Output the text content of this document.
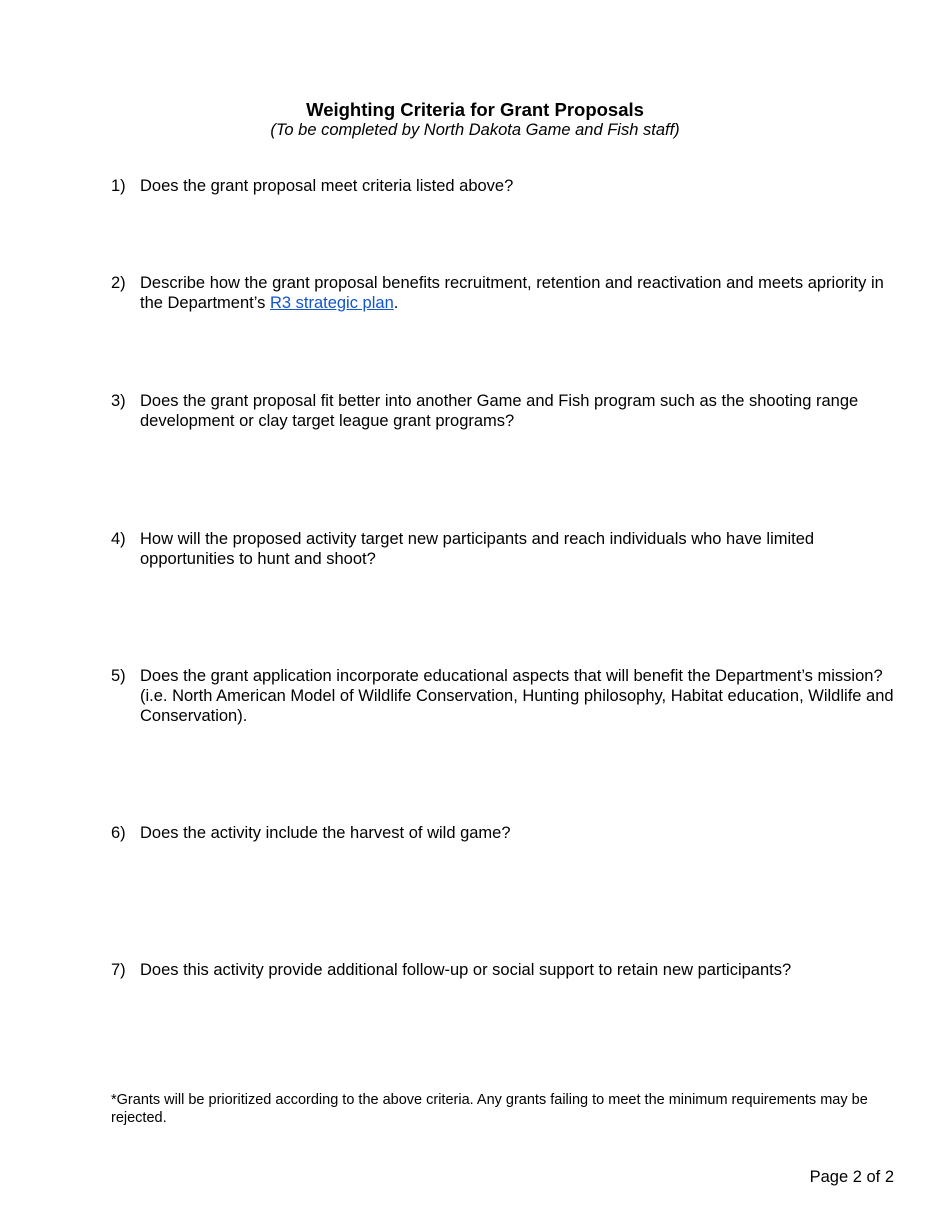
Weighting Criteria for Grant Proposals
(To be completed by North Dakota Game and Fish staff)
1) Does the grant proposal meet criteria listed above?
2) Describe how the grant proposal benefits recruitment, retention and reactivation and meets apriority in the Department’s R3 strategic plan.
3) Does the grant proposal fit better into another Game and Fish program such as the shooting range development or clay target league grant programs?
4) How will the proposed activity target new participants and reach individuals who have limited opportunities to hunt and shoot?
5) Does the grant application incorporate educational aspects that will benefit the Department’s mission? (i.e. North American Model of Wildlife Conservation, Hunting philosophy, Habitat education, Wildlife and Conservation).
6) Does the activity include the harvest of wild game?
7) Does this activity provide additional follow-up or social support to retain new participants?
*Grants will be prioritized according to the above criteria. Any grants failing to meet the minimum requirements may be rejected.
Page 2 of 2
